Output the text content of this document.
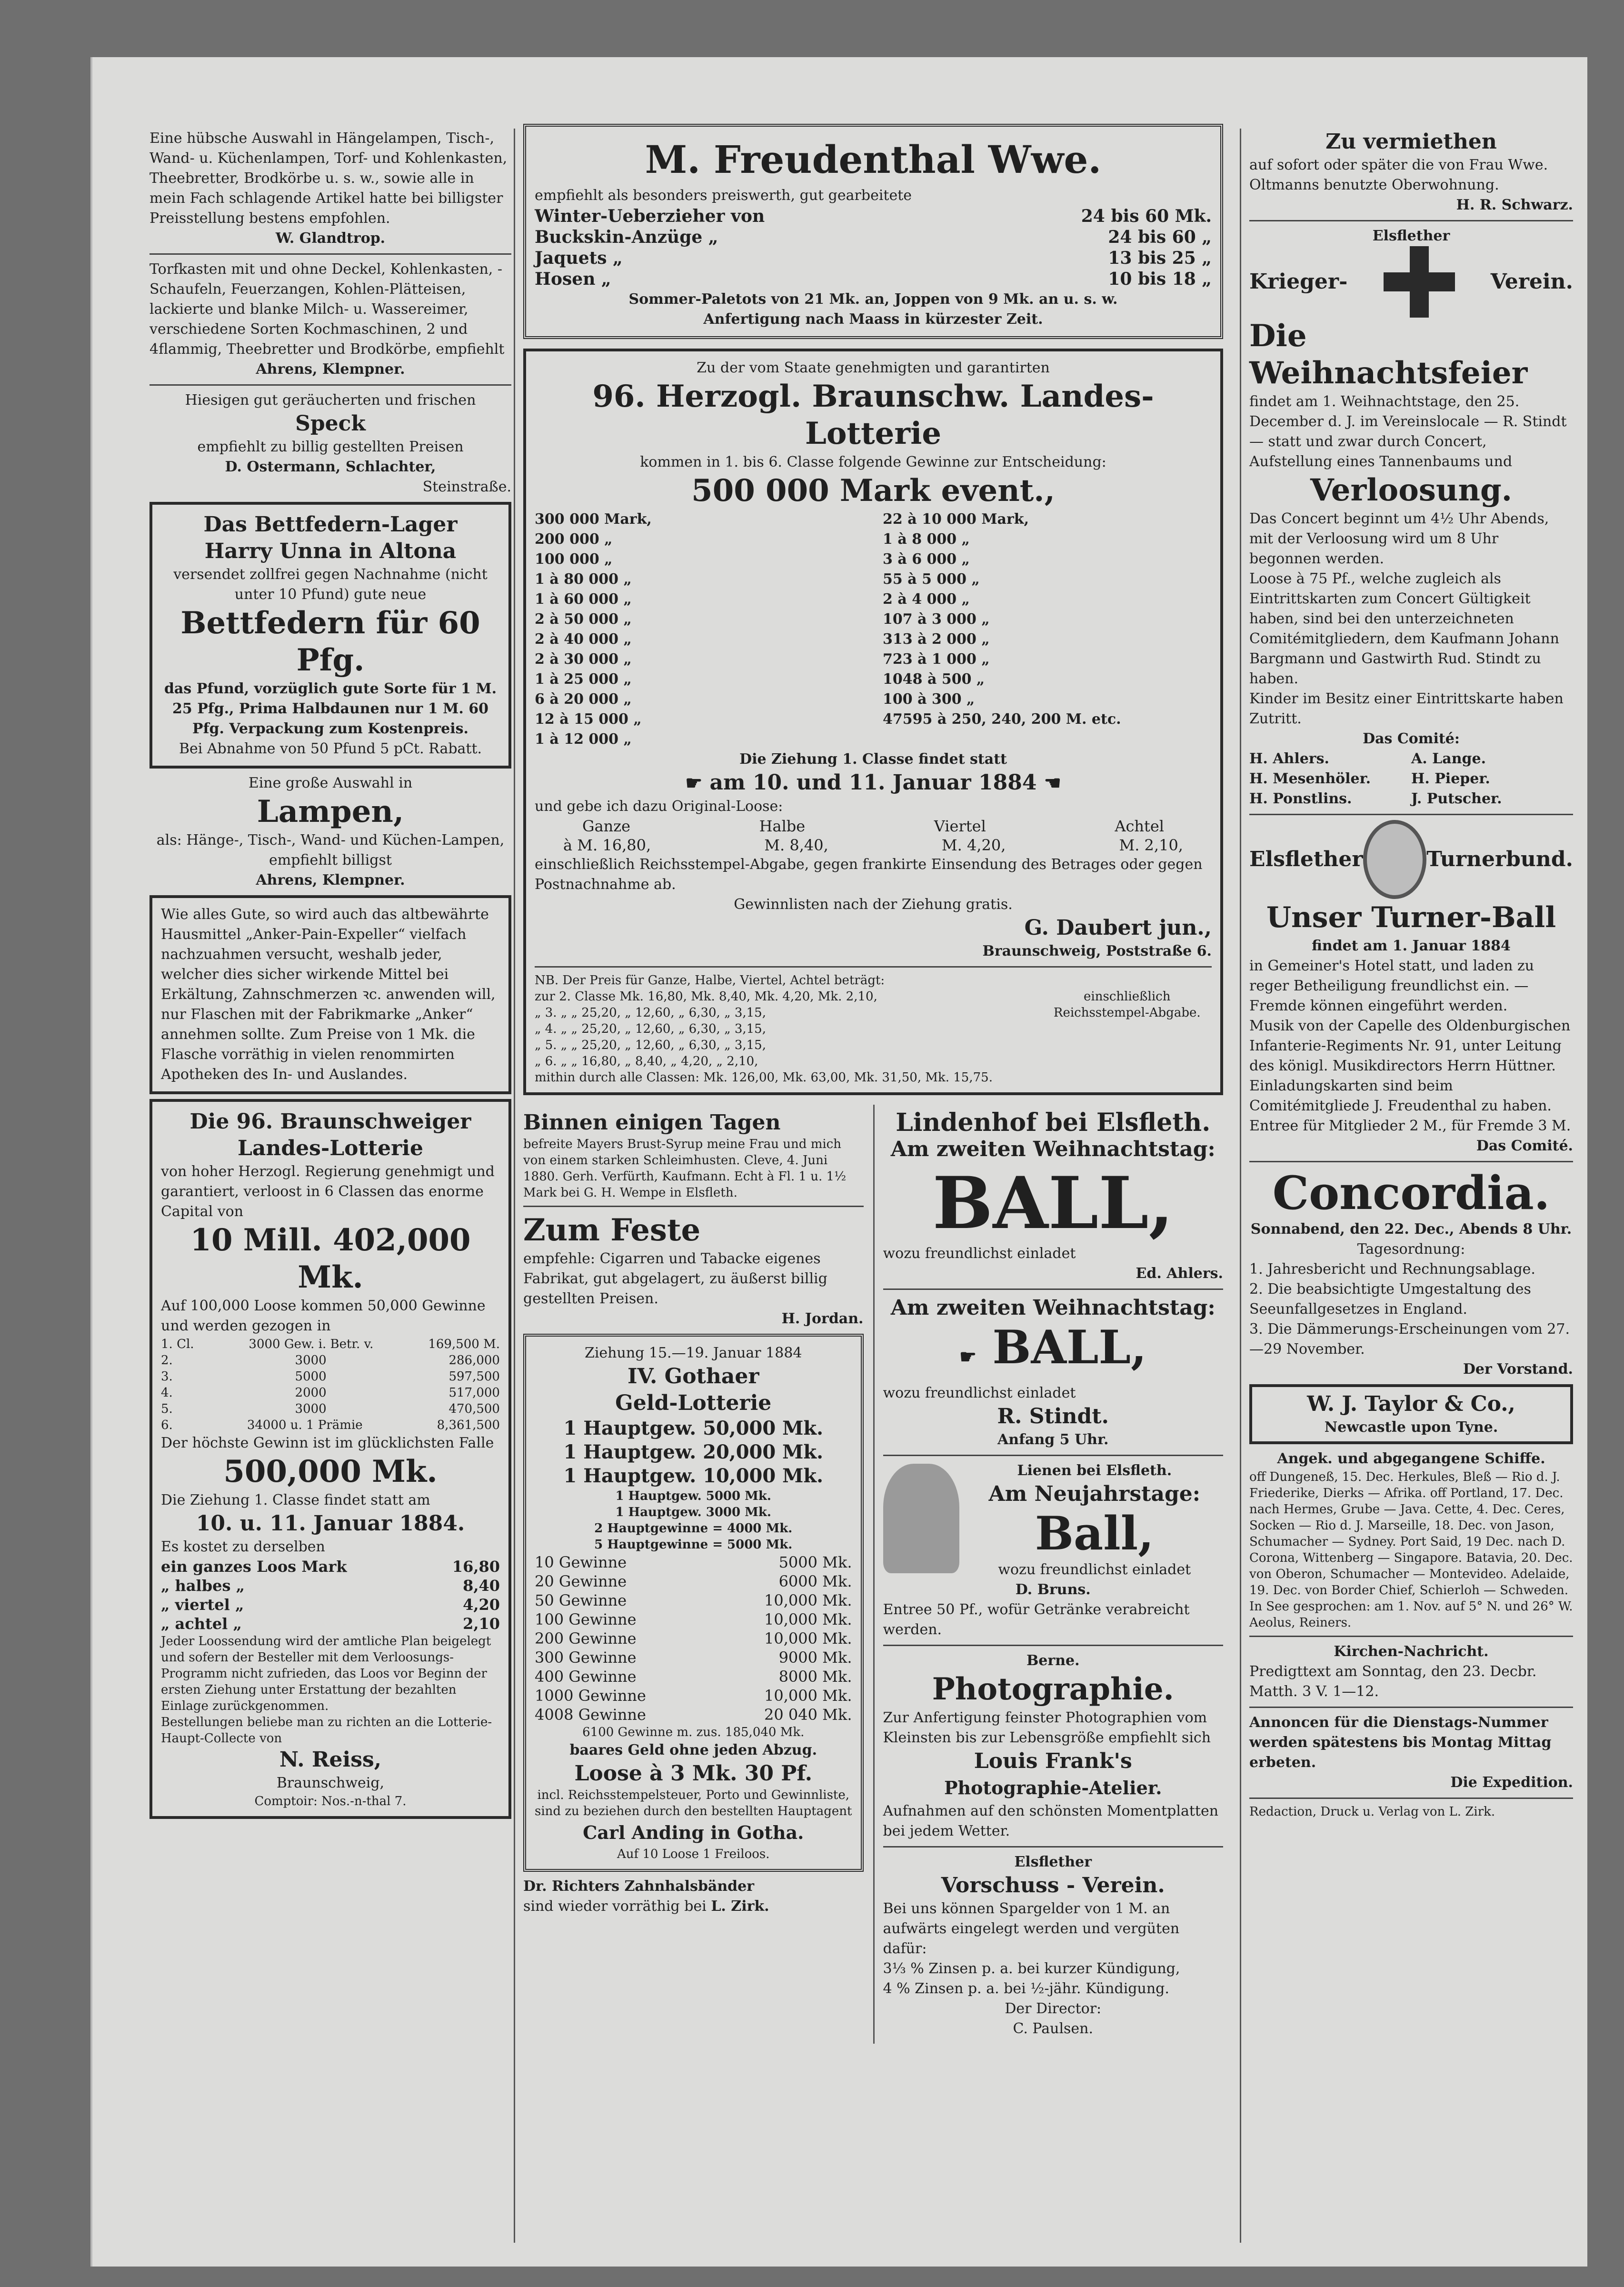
Eine hübsche Auswahl in Hängelampen, Tisch-, Wand- u. Küchenlampen, Torf- und Kohlenkasten, Theebretter, Brodkörbe u. s. w., sowie alle in mein Fach schlagende Artikel hatte bei billigster Preisstellung bestens empfohlen.

W. Glandtrop.

Torfkasten mit und ohne Deckel, Kohlenkasten, -Schaufeln, Feuerzangen, Kohlen-Plätteisen, lackierte und blanke Milch- u. Wassereimer, verschiedene Sorten Kochmaschinen, 2 und 4flammig, Theebretter und Brodkörbe, empfiehlt

Ahrens, Klempner.

Hiesigen gut geräucherten und frischen

Speck

empfiehlt zu billig gestellten Preisen

D. Ostermann, Schlachter,

Steinstraße.

Das Bettfedern-Lager

Harry Unna in Altona

versendet zollfrei gegen Nachnahme (nicht unter 10 Pfund) gute neue

Bettfedern für 60 Pfg.

das Pfund, vorzüglich gute Sorte für 1 M. 25 Pfg., Prima Halbdaunen nur 1 M. 60 Pfg. Verpackung zum Kostenpreis.

Bei Abnahme von 50 Pfund 5 pCt. Rabatt.

Eine große Auswahl in

Lampen,

als: Hänge-, Tisch-, Wand- und Küchen-Lampen, empfiehlt billigst

Ahrens, Klempner.

Wie alles Gute, so wird auch das altbewährte Hausmittel „Anker-Pain-Expeller“ vielfach nachzuahmen versucht, weshalb jeder, welcher dies sicher wirkende Mittel bei Erkältung, Zahnschmerzen ꝛc. anwenden will, nur Flaschen mit der Fabrikmarke „Anker“ annehmen sollte. Zum Preise von 1 Mk. die Flasche vorräthig in vielen renommirten Apotheken des In- und Auslandes.

Die 96. Braunschweiger Landes-Lotterie

von hoher Herzogl. Regierung genehmigt und garantiert, verloost in 6 Classen das enorme Capital von

10 Mill. 402,000 Mk.

Auf 100,000 Loose kommen 50,000 Gewinne und werden gezogen in

1. Cl.	3000 Gew. i. Betr. v.	169,500 M.
2.	3000	286,000
3.	5000	597,500
4.	2000	517,000
5.	3000	470,500
6.	34000 u. 1 Prämie	8,361,500

Der höchste Gewinn ist im glücklichsten Falle

500,000 Mk.

Die Ziehung 1. Classe findet statt am

10. u. 11. Januar 1884.

Es kostet zu derselben

ein ganzes Loos Mark	16,80
„ halbes „	8,40
„ viertel „	4,20
„ achtel „	2,10

Jeder Loossendung wird der amtliche Plan beigelegt und sofern der Besteller mit dem Verloosungs-Programm nicht zufrieden, das Loos vor Beginn der ersten Ziehung unter Erstattung der bezahlten Einlage zurückgenommen.

Bestellungen beliebe man zu richten an die Lotterie-Haupt-Collecte von

N. Reiss,

Braunschweig,

Comptoir: Nos.-n-thal 7.

M. Freudenthal Wwe.

empfiehlt als besonders preiswerth, gut gearbeitete

Winter-Ueberzieher von	24 bis 60 Mk.
Buckskin-Anzüge „	24 bis 60 „
Jaquets „	13 bis 25 „
Hosen „	10 bis 18 „

Sommer-Paletots von 21 Mk. an, Joppen von 9 Mk. an u. s. w.

Anfertigung nach Maass in kürzester Zeit.

Zu der vom Staate genehmigten und garantirten

96. Herzogl. Braunschw. Landes-Lotterie

kommen in 1. bis 6. Classe folgende Gewinne zur Entscheidung:

500 000 Mark event.,

300 000 Mark,
200 000 „
100 000 „
1 à 80 000 „
1 à 60 000 „
2 à 50 000 „
2 à 40 000 „
2 à 30 000 „
1 à 25 000 „
6 à 20 000 „
12 à 15 000 „
1 à 12 000 „
22 à 10 000 Mark,
1 à 8 000 „
3 à 6 000 „
55 à 5 000 „
2 à 4 000 „
107 à 3 000 „
313 à 2 000 „
723 à 1 000 „
1048 à 500 „
100 à 300 „
47595 à 250, 240, 200 M. etc.

Die Ziehung 1. Classe findet statt

☛ am 10. und 11. Januar 1884 ☚

und gebe ich dazu Original-Loose:

Ganze	Halbe	Viertel	Achtel
à M. 16,80,	M. 8,40,	M. 4,20,	M. 2,10,

einschließlich Reichsstempel-Abgabe, gegen frankirte Einsendung des Betrages oder gegen Postnachnahme ab.

Gewinnlisten nach der Ziehung gratis.

G. Daubert jun.,

Braunschweig, Poststraße 6.

NB. Der Preis für Ganze, Halbe, Viertel, Achtel beträgt:

zur 2. Classe Mk. 16,80, Mk. 8,40, Mk. 4,20, Mk. 2,10,
„ 3. „ „ 25,20, „ 12,60, „ 6,30, „ 3,15,
„ 4. „ „ 25,20, „ 12,60, „ 6,30, „ 3,15,
„ 5. „ „ 25,20, „ 12,60, „ 6,30, „ 3,15,
„ 6. „ „ 16,80, „ 8,40, „ 4,20, „ 2,10,
einschließlich Reichsstempel-Abgabe.

mithin durch alle Classen: Mk. 126,00, Mk. 63,00, Mk. 31,50, Mk. 15,75.

Binnen einigen Tagen

befreite Mayers Brust-Syrup meine Frau und mich von einem starken Schleimhusten. Cleve, 4. Juni 1880. Gerh. Verfürth, Kaufmann. Echt à Fl. 1 u. 1½ Mark bei G. H. Wempe in Elsfleth.

Zum Feste

empfehle: Cigarren und Tabacke eigenes Fabrikat, gut abgelagert, zu äußerst billig gestellten Preisen.

H. Jordan.

Ziehung 15.—19. Januar 1884

IV. Gothaer

Geld-Lotterie

1 Hauptgew. 50,000 Mk.
1 Hauptgew. 20,000 Mk.
1 Hauptgew. 10,000 Mk.
1 Hauptgew. 5000 Mk.
1 Hauptgew. 3000 Mk.
2 Hauptgewinne = 4000 Mk.
5 Hauptgewinne = 5000 Mk.
10 Gewinne	5000 Mk.
20 Gewinne	6000 Mk.
50 Gewinne	10,000 Mk.
100 Gewinne	10,000 Mk.
200 Gewinne	10,000 Mk.
300 Gewinne	9000 Mk.
400 Gewinne	8000 Mk.
1000 Gewinne	10,000 Mk.
4008 Gewinne	20 040 Mk.

6100 Gewinne m. zus. 185,040 Mk.

baares Geld ohne jeden Abzug.

Loose à 3 Mk. 30 Pf.

incl. Reichsstempelsteuer, Porto und Gewinnliste, sind zu beziehen durch den bestellten Hauptagent

Carl Anding in Gotha.

Auf 10 Loose 1 Freiloos.

Dr. Richters Zahnhalsbänder

sind wieder vorräthig bei L. Zirk.

Lindenhof bei Elsfleth.

Am zweiten Weihnachtstag:

BALL,

wozu freundlichst einladet

Ed. Ahlers.

Am zweiten Weihnachtstag:

☛ BALL,

wozu freundlichst einladet

R. Stindt.

Anfang 5 Uhr.

Lienen bei Elsfleth.

Am Neujahrstage:

Ball,

wozu freundlichst einladet

D. Bruns.

Entree 50 Pf., wofür Getränke verabreicht werden.

Berne.

Photographie.

Zur Anfertigung feinster Photographien vom Kleinsten bis zur Lebensgröße empfiehlt sich

Louis Frank's

Photographie-Atelier.

Aufnahmen auf den schönsten Momentplatten bei jedem Wetter.

Elsflether

Vorschuss - Verein.

Bei uns können Spargelder von 1 M. an aufwärts eingelegt werden und vergüten dafür:

3⅓ % Zinsen p. a. bei kurzer Kündigung,

4 % Zinsen p. a. bei ½-jähr. Kündigung.

Der Director:

C. Paulsen.

Zu vermiethen

auf sofort oder später die von Frau Wwe. Oltmanns benutzte Oberwohnung.

H. R. Schwarz.

Elsflether

Krieger-	Verein.

Die Weihnachtsfeier

findet am 1. Weihnachtstage, den 25. December d. J. im Vereinslocale — R. Stindt — statt und zwar durch Concert, Aufstellung eines Tannenbaums und

Verloosung.

Das Concert beginnt um 4½ Uhr Abends, mit der Verloosung wird um 8 Uhr begonnen werden.

Loose à 75 Pf., welche zugleich als Eintrittskarten zum Concert Gültigkeit haben, sind bei den unterzeichneten Comitémitgliedern, dem Kaufmann Johann Bargmann und Gastwirth Rud. Stindt zu haben.

Kinder im Besitz einer Eintrittskarte haben Zutritt.

Das Comité:

H. Ahlers.	A. Lange.
H. Mesenhöler.	H. Pieper.
H. Ponstlins.	J. Putscher.
Elsflether	Turnerbund.

Unser Turner-Ball

findet am 1. Januar 1884

in Gemeiner's Hotel statt, und laden zu reger Betheiligung freundlichst ein. — Fremde können eingeführt werden.

Musik von der Capelle des Oldenburgischen Infanterie-Regiments Nr. 91, unter Leitung des königl. Musikdirectors Herrn Hüttner.

Einladungskarten sind beim Comitémitgliede J. Freudenthal zu haben. Entree für Mitglieder 2 M., für Fremde 3 M.

Das Comité.

Concordia.

Sonnabend, den 22. Dec., Abends 8 Uhr.

Tagesordnung:

1. Jahresbericht und Rechnungsablage.

2. Die beabsichtigte Umgestaltung des Seeunfallgesetzes in England.

3. Die Dämmerungs-Erscheinungen vom 27.—29 November.

Der Vorstand.

W. J. Taylor & Co.,

Newcastle upon Tyne.

Angek. und abgegangene Schiffe.

off Dungeneß, 15. Dec. Herkules, Bleß — Rio d. J. Friederike, Dierks — Afrika. off Portland, 17. Dec. nach Hermes, Grube — Java. Cette, 4. Dec. Ceres, Socken — Rio d. J. Marseille, 18. Dec. von Jason, Schumacher — Sydney. Port Said, 19 Dec. nach D. Corona, Wittenberg — Singapore. Batavia, 20. Dec. von Oberon, Schumacher — Montevideo. Adelaide, 19. Dec. von Border Chief, Schierloh — Schweden. In See gesprochen: am 1. Nov. auf 5° N. und 26° W. Aeolus, Reiners.

Kirchen-Nachricht.

Predigttext am Sonntag, den 23. Decbr. Matth. 3 V. 1—12.

Annoncen für die Dienstags-Nummer werden spätestens bis Montag Mittag erbeten.

Die Expedition.

Redaction, Druck u. Verlag von L. Zirk.
